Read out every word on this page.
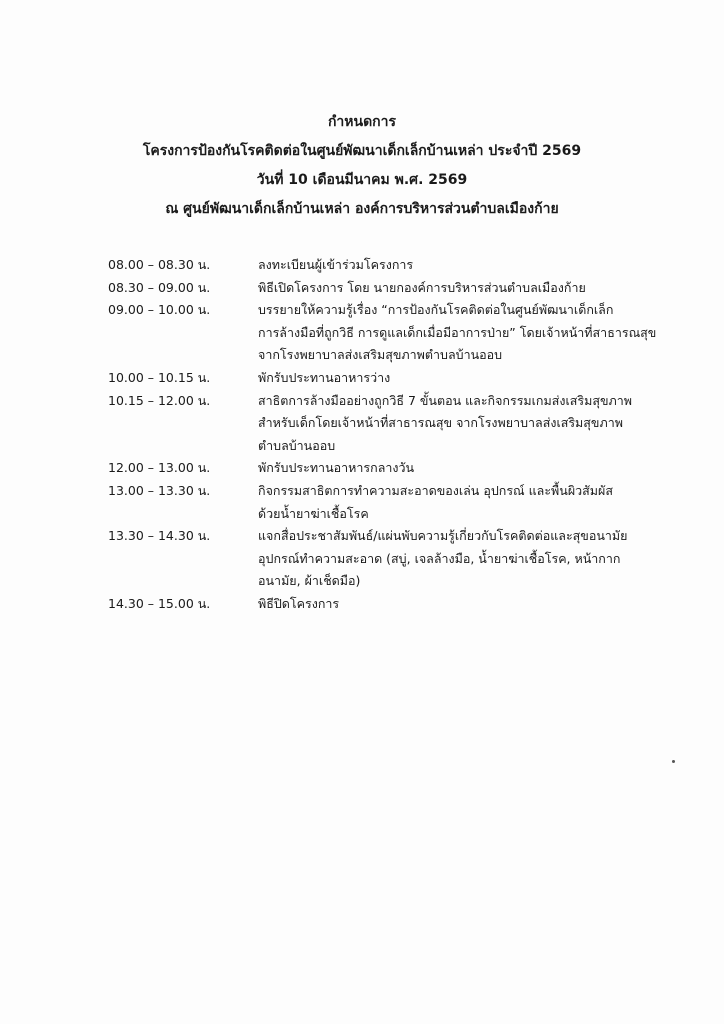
กำหนดการ
โครงการป้องกันโรคติดต่อในศูนย์พัฒนาเด็กเล็กบ้านเหล่า ประจำปี 2569
วันที่ 10 เดือนมีนาคม พ.ศ. 2569
ณ ศูนย์พัฒนาเด็กเล็กบ้านเหล่า องค์การบริหารส่วนตำบลเมืองก้าย
08.00 – 08.30 น.	ลงทะเบียนผู้เข้าร่วมโครงการ
08.30 – 09.00 น.	พิธีเปิดโครงการ โดย นายกองค์การบริหารส่วนตำบลเมืองก้าย
09.00 – 10.00 น.	บรรยายให้ความรู้เรื่อง “การป้องกันโรคติดต่อในศูนย์พัฒนาเด็กเล็ก
การล้างมือที่ถูกวิธี การดูแลเด็กเมื่อมีอาการป่าย” โดยเจ้าหน้าที่สาธารณสุข
จากโรงพยาบาลส่งเสริมสุขภาพตำบลบ้านออบ
10.00 – 10.15 น.	พักรับประทานอาหารว่าง
10.15 – 12.00 น.	สาธิตการล้างมืออย่างถูกวิธี 7 ขั้นตอน และกิจกรรมเกมส่งเสริมสุขภาพ
สำหรับเด็กโดยเจ้าหน้าที่สาธารณสุข จากโรงพยาบาลส่งเสริมสุขภาพ
ตำบลบ้านออบ
12.00 – 13.00 น.	พักรับประทานอาหารกลางวัน
13.00 – 13.30 น.	กิจกรรมสาธิตการทำความสะอาดของเล่น อุปกรณ์ และพื้นผิวสัมผัส
ด้วยน้ำยาฆ่าเชื้อโรค
13.30 – 14.30 น.	แจกสื่อประชาสัมพันธ์/แผ่นพับความรู้เกี่ยวกับโรคติดต่อและสุขอนามัย
อุปกรณ์ทำความสะอาด (สบู่, เจลล้างมือ, น้ำยาฆ่าเชื้อโรค, หน้ากาก
อนามัย, ผ้าเช็ดมือ)
14.30 – 15.00 น.	พิธีปิดโครงการ
